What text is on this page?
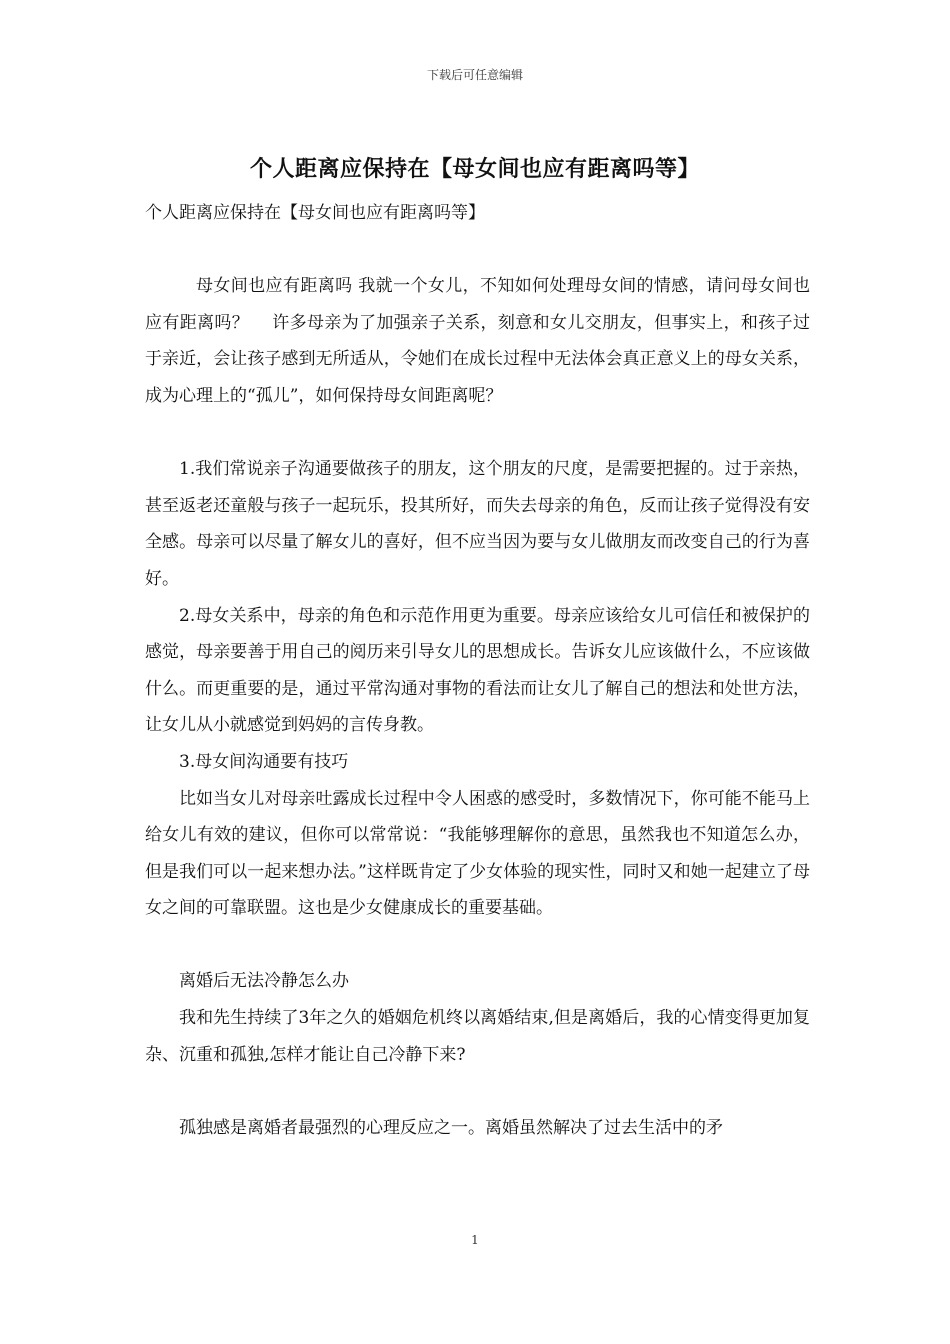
下载后可任意编辑
个人距离应保持在【母女间也应有距离吗等】

个人距离应保持在【母女间也应有距离吗等】

母女间也应有距离吗 我就一个女儿，不知如何处理母女间的情感，请问母女间也应有距离吗？　 许多母亲为了加强亲子关系，刻意和女儿交朋友，但事实上，和孩子过于亲近，会让孩子感到无所适从，令她们在成长过程中无法体会真正意义上的母女关系，成为心理上的“孤儿”，如何保持母女间距离呢？

1.我们常说亲子沟通要做孩子的朋友，这个朋友的尺度，是需要把握的。过于亲热，甚至返老还童般与孩子一起玩乐，投其所好，而失去母亲的角色，反而让孩子觉得没有安全感。母亲可以尽量了解女儿的喜好，但不应当因为要与女儿做朋友而改变自己的行为喜好。

2.母女关系中，母亲的角色和示范作用更为重要。母亲应该给女儿可信任和被保护的感觉，母亲要善于用自己的阅历来引导女儿的思想成长。告诉女儿应该做什么，不应该做什么。而更重要的是，通过平常沟通对事物的看法而让女儿了解自己的想法和处世方法，让女儿从小就感觉到妈妈的言传身教。

3.母女间沟通要有技巧

比如当女儿对母亲吐露成长过程中令人困惑的感受时，多数情况下，你可能不能马上给女儿有效的建议，但你可以常常说：“我能够理解你的意思，虽然我也不知道怎么办，但是我们可以一起来想办法。”这样既肯定了少女体验的现实性，同时又和她一起建立了母女之间的可靠联盟。这也是少女健康成长的重要基础。

离婚后无法冷静怎么办

我和先生持续了3年之久的婚姻危机终以离婚结束,但是离婚后，我的心情变得更加复杂、沉重和孤独,怎样才能让自己冷静下来?

孤独感是离婚者最强烈的心理反应之一。离婚虽然解决了过去生活中的矛

1
